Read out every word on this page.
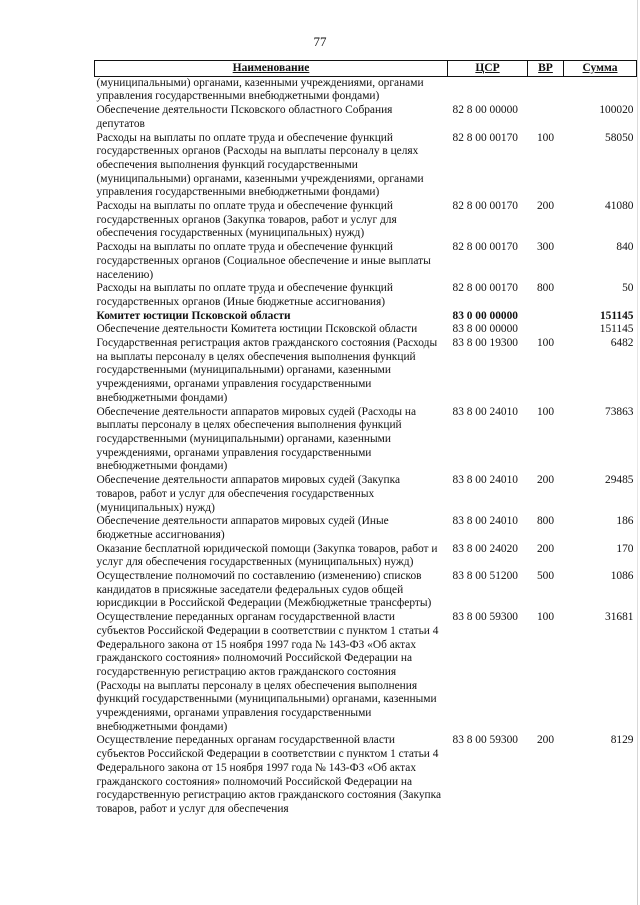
77
Наименование	ЦСР	ВР	Сумма
(муниципальными) органами, казенными учреждениями, органами управления государственными внебюджетными фондами)			
Обеспечение деятельности Псковского областного Собрания депутатов	82 8 00 00000		100020
Расходы на выплаты по оплате труда и обеспечение функций государственных органов (Расходы на выплаты персоналу в целях обеспечения выполнения функций государственными (муниципальными) органами, казенными учреждениями, органами управления государственными внебюджетными фондами)	82 8 00 00170	100	58050
Расходы на выплаты по оплате труда и обеспечение функций государственных органов (Закупка товаров, работ и услуг для обеспечения государственных (муниципальных) нужд)	82 8 00 00170	200	41080
Расходы на выплаты по оплате труда и обеспечение функций государственных органов (Социальное обеспечение и иные выплаты населению)	82 8 00 00170	300	840
Расходы на выплаты по оплате труда и обеспечение функций государственных органов (Иные бюджетные ассигнования)	82 8 00 00170	800	50
Комитет юстиции Псковской области	83 0 00 00000		151145
Обеспечение деятельности Комитета юстиции Псковской области	83 8 00 00000		151145
Государственная регистрация актов гражданского состояния (Расходы на выплаты персоналу в целях обеспечения выполнения функций государственными (муниципальными) органами, казенными учреждениями, органами управления государственными внебюджетными фондами)	83 8 00 19300	100	6482
Обеспечение деятельности аппаратов мировых судей (Расходы на выплаты персоналу в целях обеспечения выполнения функций государственными (муниципальными) органами, казенными учреждениями, органами управления государственными внебюджетными фондами)	83 8 00 24010	100	73863
Обеспечение деятельности аппаратов мировых судей (Закупка товаров, работ и услуг для обеспечения государственных (муниципальных) нужд)	83 8 00 24010	200	29485
Обеспечение деятельности аппаратов мировых судей (Иные бюджетные ассигнования)	83 8 00 24010	800	186
Оказание бесплатной юридической помощи (Закупка товаров, работ и услуг для обеспечения государственных (муниципальных) нужд)	83 8 00 24020	200	170
Осуществление полномочий по составлению (изменению) списков кандидатов в присяжные заседатели федеральных судов общей юрисдикции в Российской Федерации (Межбюджетные трансферты)	83 8 00 51200	500	1086
Осуществление переданных органам государственной власти субъектов Российской Федерации в соответствии с пунктом 1 статьи 4 Федерального закона от 15 ноября 1997 года № 143-ФЗ «Об актах гражданского состояния» полномочий Российской Федерации на государственную регистрацию актов гражданского состояния (Расходы на выплаты персоналу в целях обеспечения выполнения функций государственными (муниципальными) органами, казенными учреждениями, органами управления государственными внебюджетными фондами)	83 8 00 59300	100	31681
Осуществление переданных органам государственной власти субъектов Российской Федерации в соответствии с пунктом 1 статьи 4 Федерального закона от 15 ноября 1997 года № 143-ФЗ «Об актах гражданского состояния» полномочий Российской Федерации на государственную регистрацию актов гражданского состояния (Закупка товаров, работ и услуг для обеспечения	83 8 00 59300	200	8129
